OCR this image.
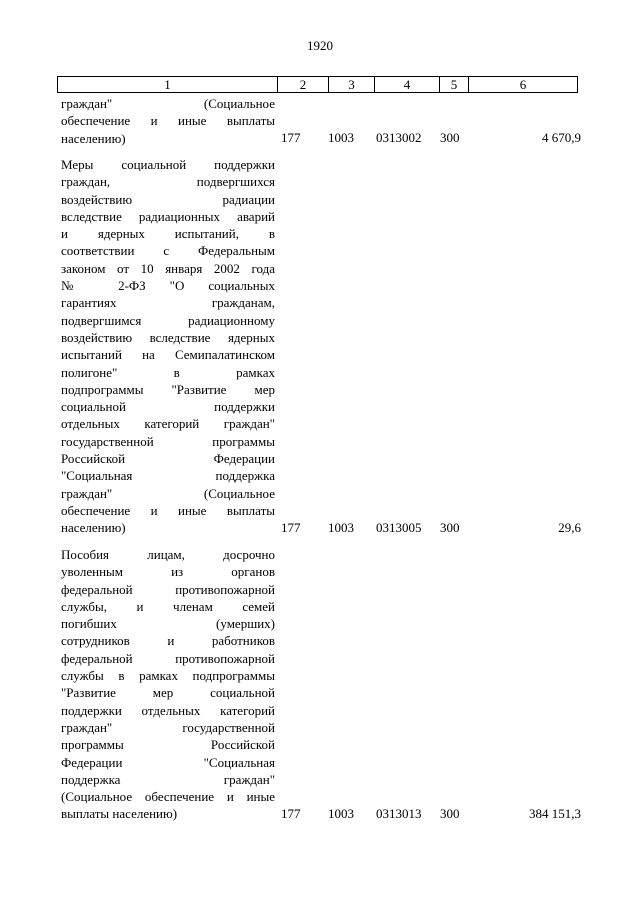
1920
1	2	3	4	5	6
граждан" (Социальное
обеспечение и иные выплаты
населению)	177 1003 0313002 300	4 670,9
Меры социальной поддержки
граждан, подвергшихся
воздействию радиации
вследствие радиационных аварий
и ядерных испытаний, в
соответствии с Федеральным
законом от 10 января 2002 года
№ 2-ФЗ "О социальных
гарантиях гражданам,
подвергшимся радиационному
воздействию вследствие ядерных
испытаний на Семипалатинском
полигоне" в рамках
подпрограммы "Развитие мер
социальной поддержки
отдельных категорий граждан"
государственной программы
Российской Федерации
"Социальная поддержка
граждан" (Социальное
обеспечение и иные выплаты
населению)	177 1003 0313005 300	29,6
Пособия лицам, досрочно
уволенным из органов
федеральной противопожарной
службы, и членам семей
погибших (умерших)
сотрудников и работников
федеральной противопожарной
службы в рамках подпрограммы
"Развитие мер социальной
поддержки отдельных категорий
граждан" государственной
программы Российской
Федерации "Социальная
поддержка граждан"
(Социальное обеспечение и иные
выплаты населению)	177 1003 0313013 300	384 151,3
